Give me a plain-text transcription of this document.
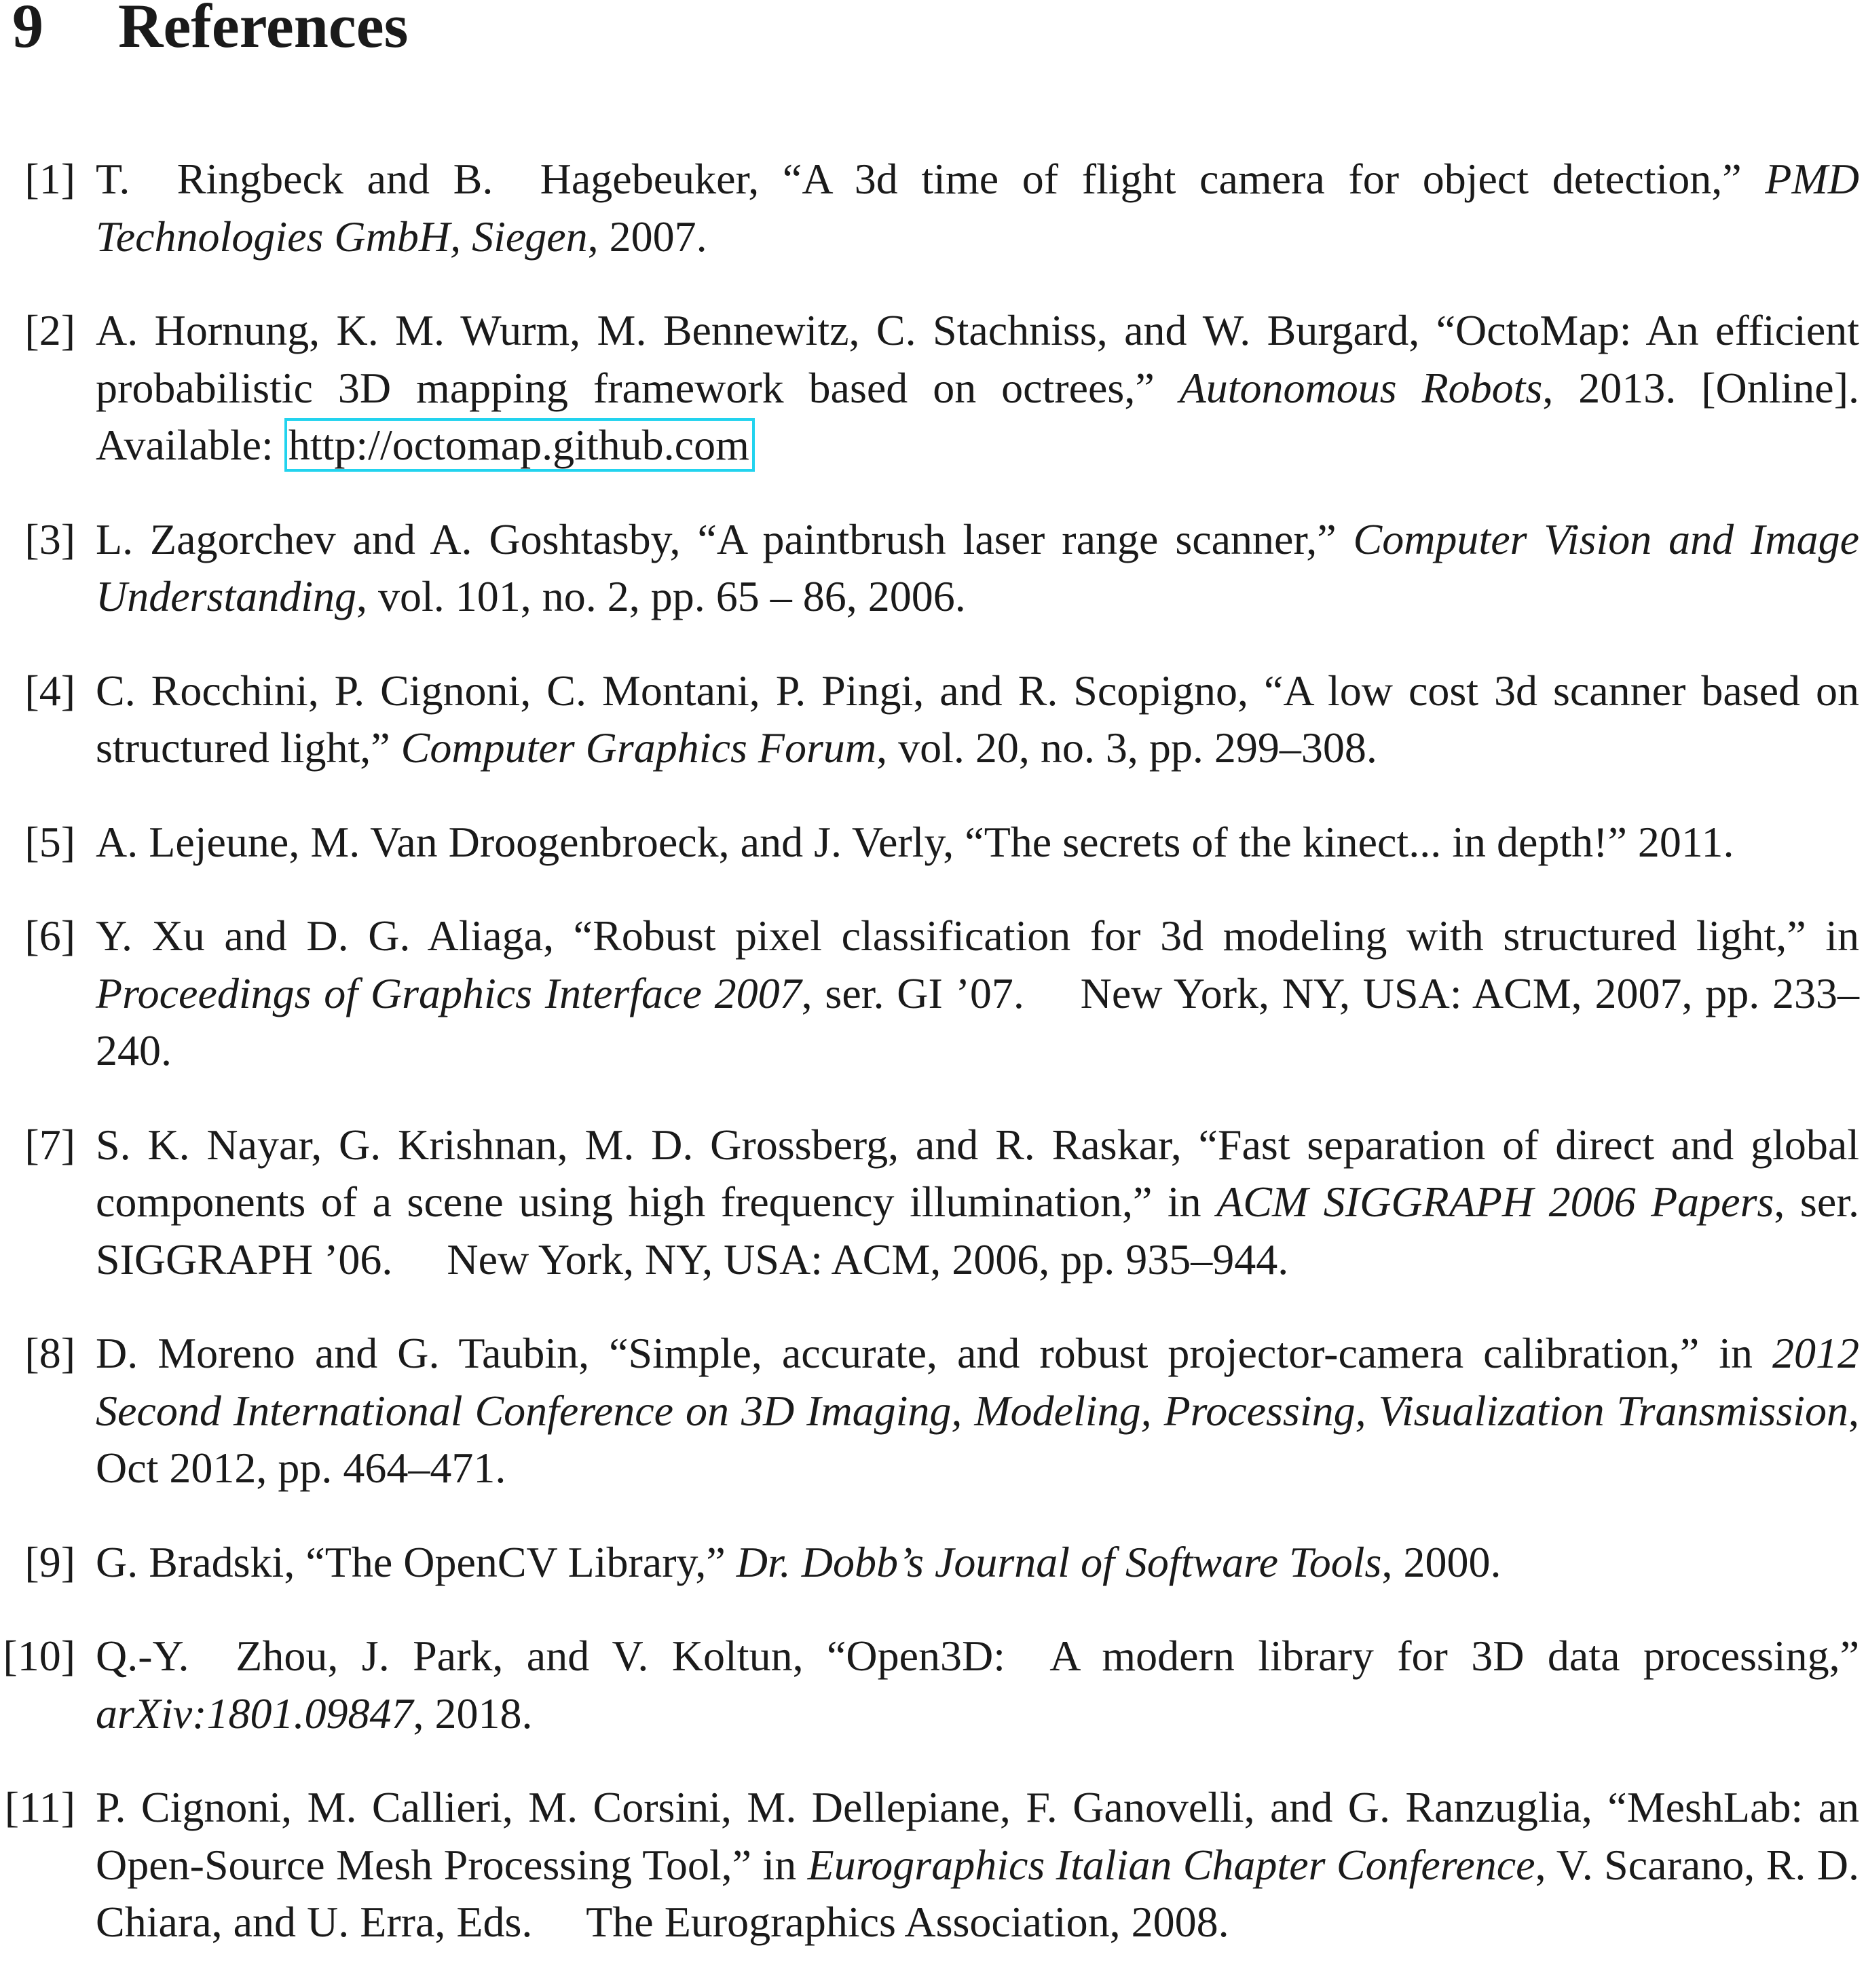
9 References
[1] T.  Ringbeck and B.  Hagebeuker, “A 3d time of flight camera for object detection,” PMD Technologies GmbH, Siegen, 2007.
[2] A. Hornung, K. M. Wurm, M. Bennewitz, C. Stachniss, and W. Burgard, “OctoMap: An efficient probabilistic 3D mapping framework based on octrees,” Autonomous Robots, 2013. [Online]. Available: http://octomap.github.com
[3] L. Zagorchev and A. Goshtasby, “A paintbrush laser range scanner,” Computer Vision and Image Understanding, vol. 101, no. 2, pp. 65 – 86, 2006.
[4] C. Rocchini, P. Cignoni, C. Montani, P. Pingi, and R. Scopigno, “A low cost 3d scanner based on structured light,” Computer Graphics Forum, vol. 20, no. 3, pp. 299–308.
[5] A. Lejeune, M. Van Droogenbroeck, and J. Verly, “The secrets of the kinect... in depth!” 2011.
[6] Y. Xu and D. G. Aliaga, “Robust pixel classification for 3d modeling with structured light,” in Proceedings of Graphics Interface 2007, ser. GI ’07.  New York, NY, USA: ACM, 2007, pp. 233–240.
[7] S. K. Nayar, G. Krishnan, M. D. Grossberg, and R. Raskar, “Fast separation of direct and global components of a scene using high frequency illumination,” in ACM SIGGRAPH 2006 Papers, ser. SIGGRAPH ’06.  New York, NY, USA: ACM, 2006, pp. 935–944.
[8] D. Moreno and G. Taubin, “Simple, accurate, and robust projector-camera calibration,” in 2012 Second International Conference on 3D Imaging, Modeling, Processing, Visualization Transmission, Oct 2012, pp. 464–471.
[9] G. Bradski, “The OpenCV Library,” Dr. Dobb’s Journal of Software Tools, 2000.
[10] Q.-Y.  Zhou, J. Park, and V. Koltun, “Open3D:  A modern library for 3D data processing,” arXiv:1801.09847, 2018.
[11] P. Cignoni, M. Callieri, M. Corsini, M. Dellepiane, F. Ganovelli, and G. Ranzuglia, “MeshLab: an Open-Source Mesh Processing Tool,” in Eurographics Italian Chapter Conference, V. Scarano, R. D. Chiara, and U. Erra, Eds.  The Eurographics Association, 2008.
